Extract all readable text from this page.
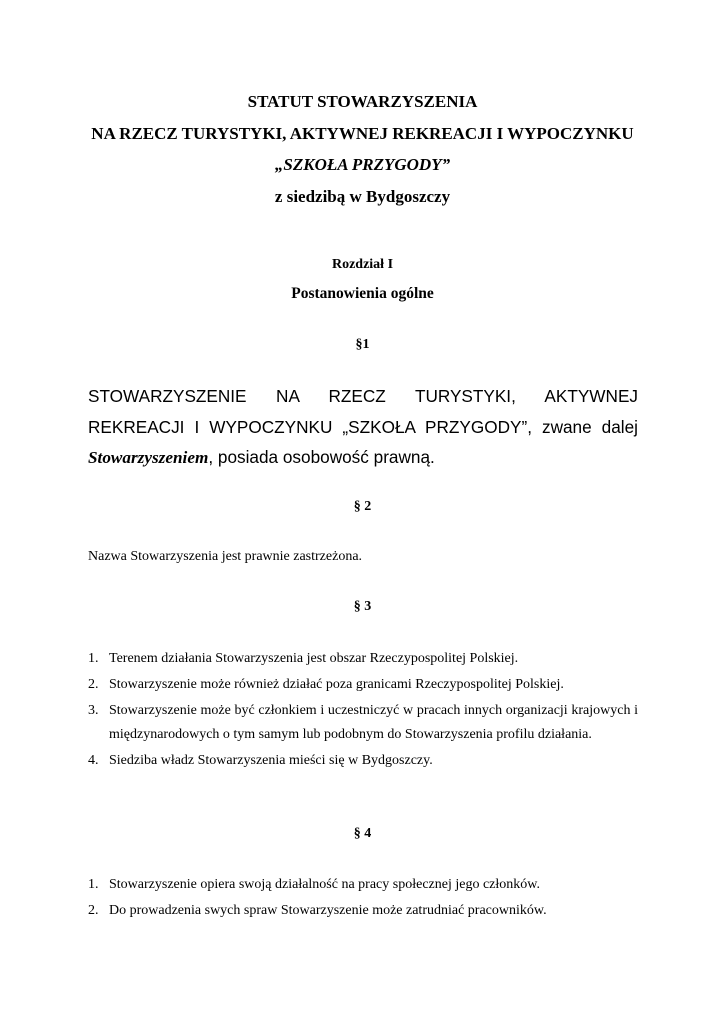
STATUT STOWARZYSZENIA

NA RZECZ TURYSTYKI, AKTYWNEJ REKREACJI I WYPOCZYNKU

„SZKOŁA PRZYGODY”

z siedzibą w Bydgoszczy

Rozdział I

Postanowienia ogólne

§1

STOWARZYSZENIE NA RZECZ TURYSTYKI, AKTYWNEJ REKREACJI I WYPOCZYNKU „SZKOŁA PRZYGODY”, zwane dalej Stowarzyszeniem, posiada osobowość prawną.

§ 2

Nazwa Stowarzyszenia jest prawnie zastrzeżona.

§ 3

1. Terenem działania Stowarzyszenia jest obszar Rzeczypospolitej Polskiej.
2. Stowarzyszenie może również działać poza granicami Rzeczypospolitej Polskiej.
3. Stowarzyszenie może być członkiem i uczestniczyć w pracach innych organizacji krajowych i międzynarodowych o tym samym lub podobnym do Stowarzyszenia profilu działania.
4. Siedziba władz Stowarzyszenia mieści się w Bydgoszczy.

§ 4

1. Stowarzyszenie opiera swoją działalność na pracy społecznej jego członków.
2. Do prowadzenia swych spraw Stowarzyszenie może zatrudniać pracowników.
